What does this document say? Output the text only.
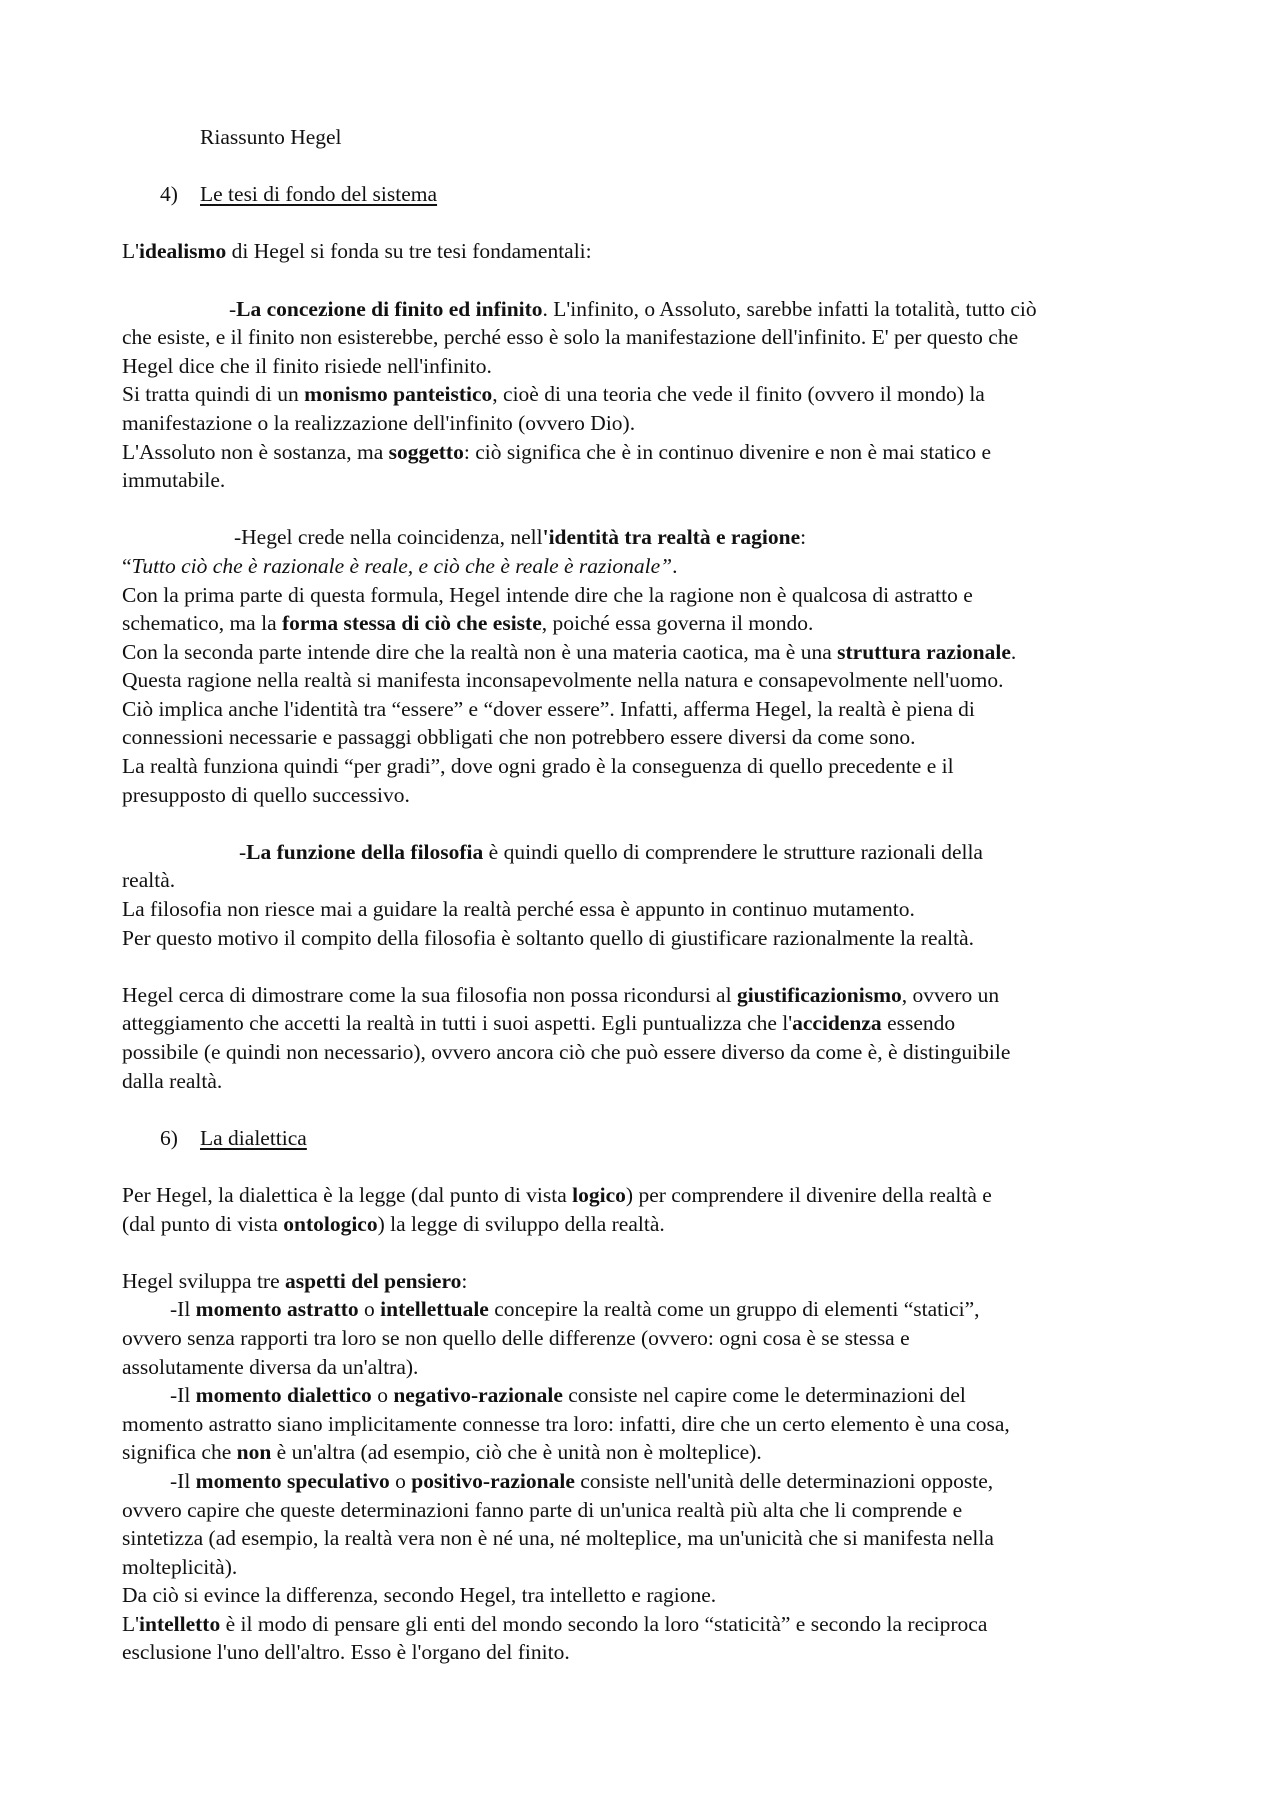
Riassunto Hegel
4) Le tesi di fondo del sistema
L'idealismo di Hegel si fonda su tre tesi fondamentali:
-La concezione di finito ed infinito. L'infinito, o Assoluto, sarebbe infatti la totalità, tutto ciò
che esiste, e il finito non esisterebbe, perché esso è solo la manifestazione dell'infinito. E' per questo che
Hegel dice che il finito risiede nell'infinito.
Si tratta quindi di un monismo panteistico, cioè di una teoria che vede il finito (ovvero il mondo) la
manifestazione o la realizzazione dell'infinito (ovvero Dio).
L'Assoluto non è sostanza, ma soggetto: ciò significa che è in continuo divenire e non è mai statico e
immutabile.
-Hegel crede nella coincidenza, nell'identità tra realtà e ragione:
“Tutto ciò che è razionale è reale, e ciò che è reale è razionale”.
Con la prima parte di questa formula, Hegel intende dire che la ragione non è qualcosa di astratto e
schematico, ma la forma stessa di ciò che esiste, poiché essa governa il mondo.
Con la seconda parte intende dire che la realtà non è una materia caotica, ma è una struttura razionale.
Questa ragione nella realtà si manifesta inconsapevolmente nella natura e consapevolmente nell'uomo.
Ciò implica anche l'identità tra “essere” e “dover essere”. Infatti, afferma Hegel, la realtà è piena di
connessioni necessarie e passaggi obbligati che non potrebbero essere diversi da come sono.
La realtà funziona quindi “per gradi”, dove ogni grado è la conseguenza di quello precedente e il
presupposto di quello successivo.
-La funzione della filosofia è quindi quello di comprendere le strutture razionali della
realtà.
La filosofia non riesce mai a guidare la realtà perché essa è appunto in continuo mutamento.
Per questo motivo il compito della filosofia è soltanto quello di giustificare razionalmente la realtà.
Hegel cerca di dimostrare come la sua filosofia non possa ricondursi al giustificazionismo, ovvero un
atteggiamento che accetti la realtà in tutti i suoi aspetti. Egli puntualizza che l'accidenza essendo
possibile (e quindi non necessario), ovvero ancora ciò che può essere diverso da come è, è distinguibile
dalla realtà.
6) La dialettica
Per Hegel, la dialettica è la legge (dal punto di vista logico) per comprendere il divenire della realtà e
(dal punto di vista ontologico) la legge di sviluppo della realtà.
Hegel sviluppa tre aspetti del pensiero:
-Il momento astratto o intellettuale concepire la realtà come un gruppo di elementi “statici”,
ovvero senza rapporti tra loro se non quello delle differenze (ovvero: ogni cosa è se stessa e
assolutamente diversa da un'altra).
-Il momento dialettico o negativo-razionale consiste nel capire come le determinazioni del
momento astratto siano implicitamente connesse tra loro: infatti, dire che un certo elemento è una cosa,
significa che non è un'altra (ad esempio, ciò che è unità non è molteplice).
-Il momento speculativo o positivo-razionale consiste nell'unità delle determinazioni opposte,
ovvero capire che queste determinazioni fanno parte di un'unica realtà più alta che li comprende e
sintetizza (ad esempio, la realtà vera non è né una, né molteplice, ma un'unicità che si manifesta nella
molteplicità).
Da ciò si evince la differenza, secondo Hegel, tra intelletto e ragione.
L'intelletto è il modo di pensare gli enti del mondo secondo la loro “staticità” e secondo la reciproca
esclusione l'uno dell'altro. Esso è l'organo del finito.
